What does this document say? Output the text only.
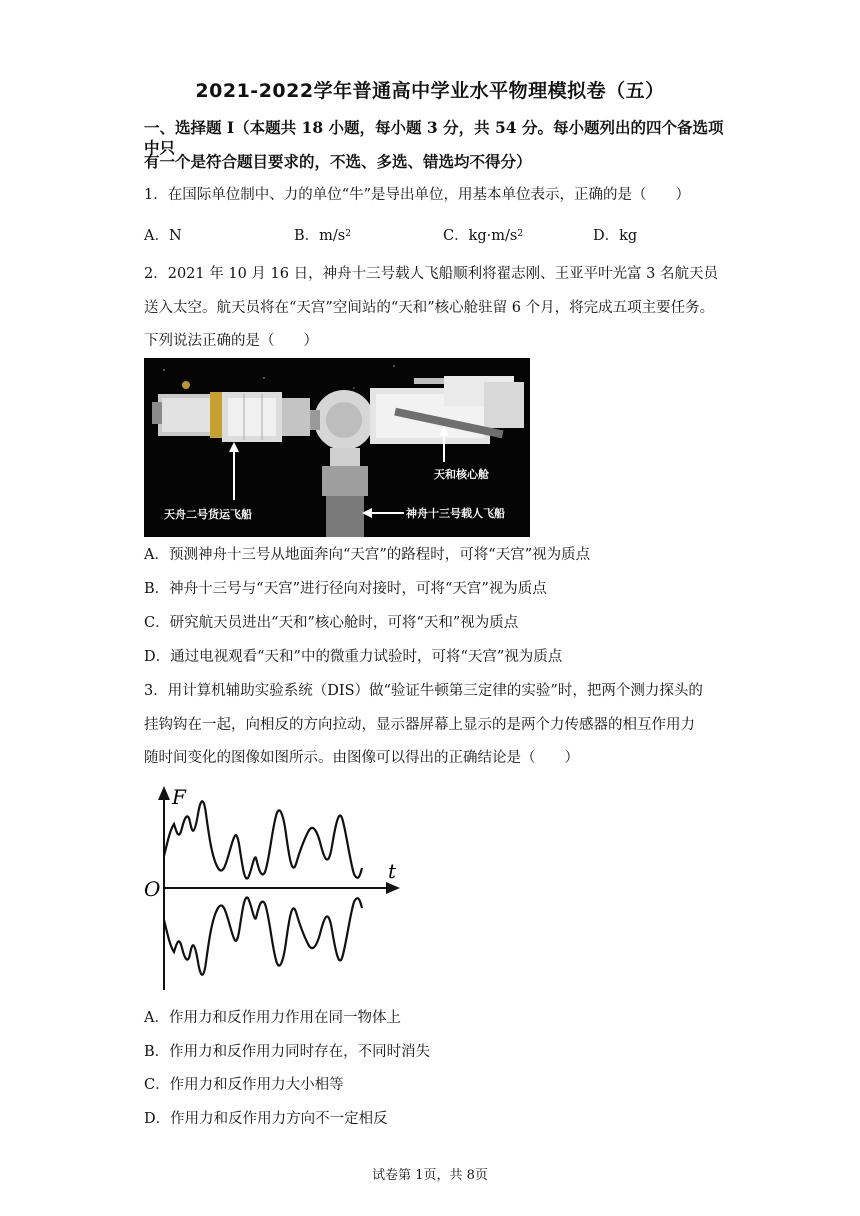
2021-2022学年普通高中学业水平物理模拟卷（五）
一、选择题 I（本题共 18 小题，每小题 3 分，共 54 分。每小题列出的四个备选项中只
有一个是符合题目要求的，不选、多选、错选均不得分）
1．在国际单位制中、力的单位“牛”是导出单位，用基本单位表示，正确的是（　　）
A．N	B．$m/s^2$	C．$kg\cdot m/s^2$	D．kg
2．2021 年 10 月 16 日，神舟十三号载人飞船顺利将翟志刚、王亚平叶光富 3 名航天员
送入太空。航天员将在“天宫”空间站的“天和”核心舱驻留 6 个月，将完成五项主要任务。
下列说法正确的是（　　）
天和核心舱
天舟二号货运飞船	神舟十三号载人飞船
A．预测神舟十三号从地面奔向“天宫”的路程时，可将“天宫”视为质点
B．神舟十三号与“天宫”进行径向对接时，可将“天宫”视为质点
C．研究航天员进出“天和”核心舱时，可将“天和”视为质点
D．通过电视观看“天和”中的微重力试验时，可将“天宫”视为质点
3．用计算机辅助实验系统（DIS）做“验证牛顿第三定律的实验”时，把两个测力探头的
挂钩钩在一起，向相反的方向拉动，显示器屏幕上显示的是两个力传感器的相互作用力
随时间变化的图像如图所示。由图像可以得出的正确结论是（　　）
F
t
O
A．作用力和反作用力作用在同一物体上
B．作用力和反作用力同时存在，不同时消失
C．作用力和反作用力大小相等
D．作用力和反作用力方向不一定相反
试卷第 1页，共 8页
